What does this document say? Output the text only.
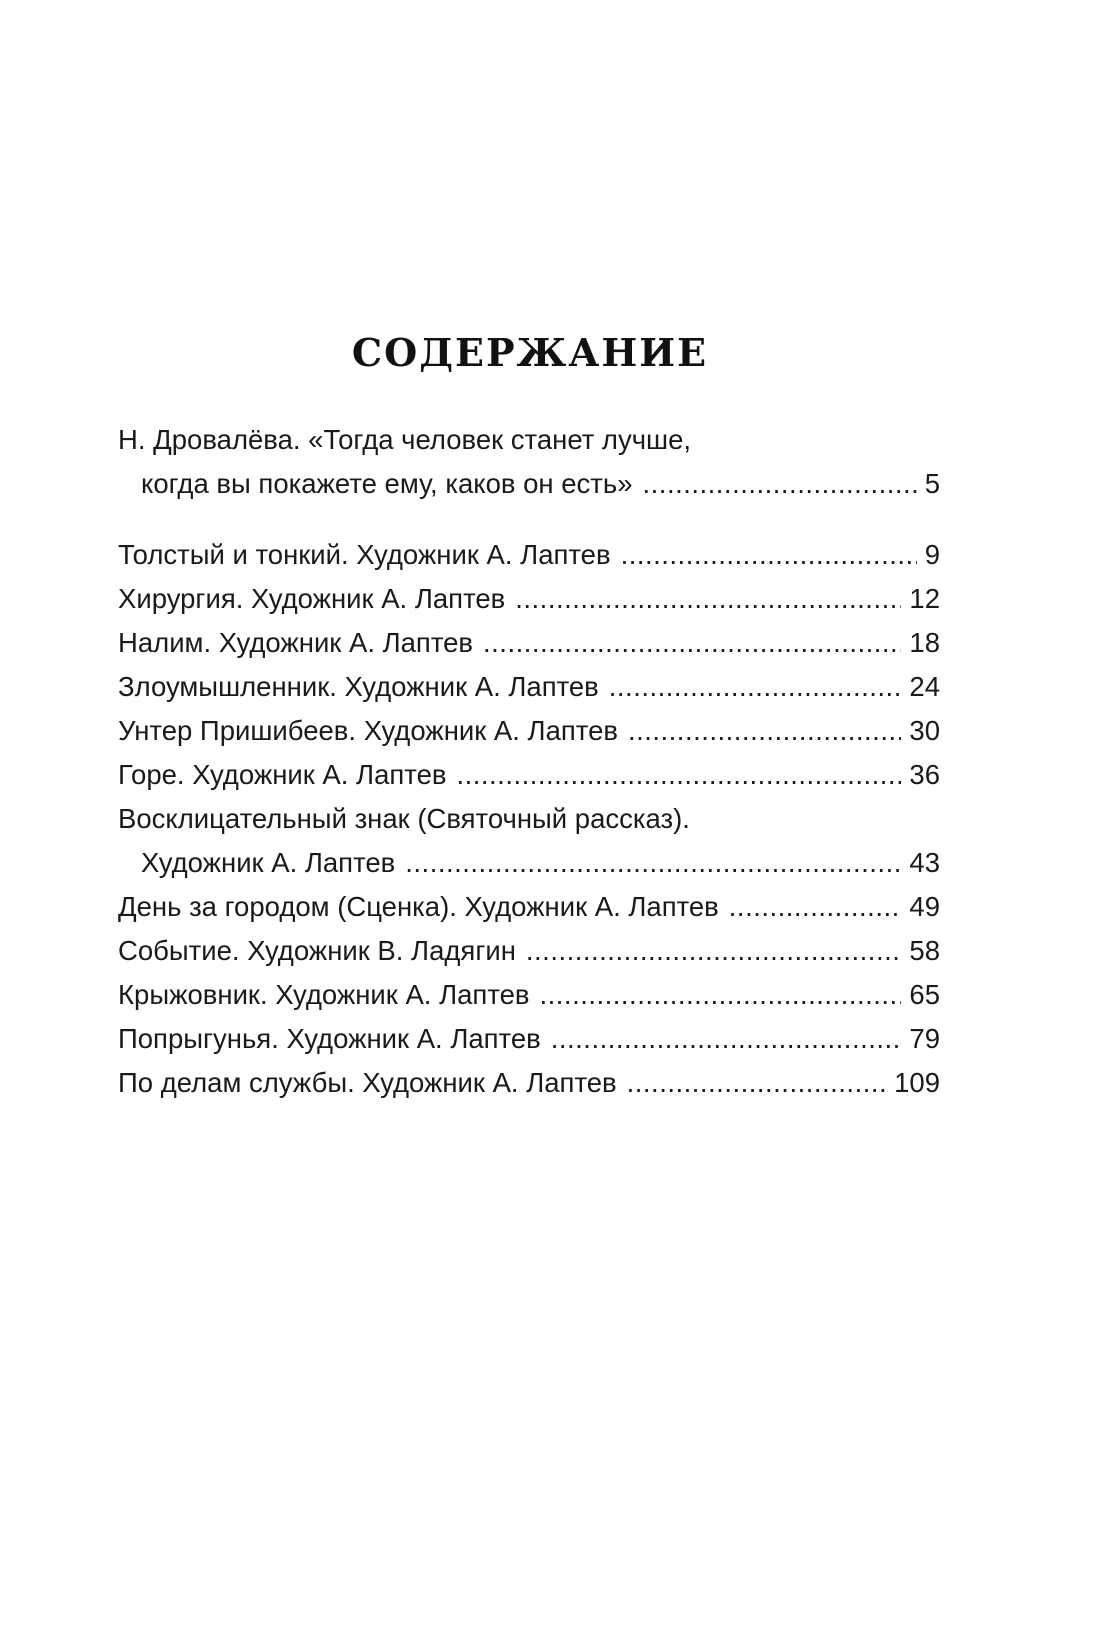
СОДЕРЖАНИЕ
Н. Дровалёва. «Тогда человек станет лучше,
когда вы покажете ему, каков он есть» .....	5
Толстый и тонкий. Художник А. Лаптев .....	9
Хирургия. Художник А. Лаптев .....	12
Налим. Художник А. Лаптев .....	18
Злоумышленник. Художник А. Лаптев .....	24
Унтер Пришибеев. Художник А. Лаптев .....	30
Горе. Художник А. Лаптев .....	36
Восклицательный знак (Святочный рассказ).
Художник А. Лаптев .....	43
День за городом (Сценка). Художник А. Лаптев .....	49
Событие. Художник В. Ладягин .....	58
Крыжовник. Художник А. Лаптев .....	65
Попрыгунья. Художник А. Лаптев .....	79
По делам службы. Художник А. Лаптев .....	109
